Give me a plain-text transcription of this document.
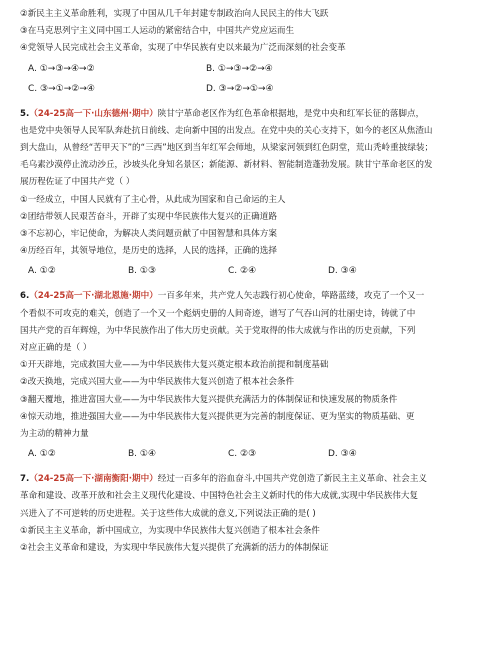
②新民主主义革命胜利，实现了中国从几千年封建专制政治向人民民主的伟大飞跃
③在马克思列宁主义同中国工人运动的紧密结合中，中国共产党应运而生
④党领导人民完成社会主义革命，实现了中华民族有史以来最为广泛而深刻的社会变革
A. ①→③→④→②	B. ①→③→②→④
C. ③→①→②→④	D. ③→②→①→④
5.（24-25高一下·山东德州·期中）陕甘宁革命老区作为红色革命根据地，是党中央和红军长征的落脚点，
也是党中央领导人民军队奔赴抗日前线、走向新中国的出发点。在党中央的关心支持下，如今的老区从焦渣山
到大盘山，从曾经“苦甲天下”的“三西”地区到当年红军会师地，从梁家河领到红色阴堂，荒山秃岭重披绿装；
毛乌素沙漠停止流动沙丘，沙坡头化身知名景区；新能源、新材料、智能制造蓬勃发展。陕甘宁革命老区的发
展历程佐证了中国共产党（ ）
①一经成立，中国人民就有了主心骨，从此成为国家和自己命运的主人
②团结带领人民艰苦奋斗，开辟了实现中华民族伟大复兴的正确道路
③不忘初心，牢记使命，为解决人类问题贡献了中国智慧和具体方案
④历经百年，其领导地位，是历史的选择，人民的选择，正确的选择
A. ①②	B. ①③	C. ②④	D. ③④
6.（24-25高一下·湖北恩施·期中）一百多年来，共产党人矢志践行初心使命，筚路蓝缕，攻克了一个又一
个看似不可攻克的难关，创造了一个又一个彪炳史册的人间奇迹，谱写了气吞山河的壮丽史诗，铸就了中
国共产党的百年辉煌，为中华民族作出了伟大历史贡献。关于党取得的伟大成就与作出的历史贡献，下列
对应正确的是（ ）
①开天辟地，完成救国大业——为中华民族伟大复兴奠定根本政治前提和制度基础
②改天换地，完成兴国大业——为中华民族伟大复兴创造了根本社会条件
③翻天覆地，推进富国大业——为中华民族伟大复兴提供充满活力的体制保证和快速发展的物质条件
④惊天动地，推进强国大业——为中华民族伟大复兴提供更为完善的制度保证、更为坚实的物质基础、更
为主动的精神力量
A. ①②	B. ①④	C. ②③	D. ③④
7.（24-25高一下·湖南衡阳·期中）经过一百多年的浴血奋斗,中国共产党创造了新民主主义革命、社会主义
革命和建设、改革开放和社会主义现代化建设、中国特色社会主义新时代的伟大成就,实现中华民族伟大复
兴进入了不可逆转的历史进程。关于这些伟大成就的意义,下列说法正确的是( )
①新民主主义革命，新中国成立，为实现中华民族伟大复兴创造了根本社会条件
②社会主义革命和建设，为实现中华民族伟大复兴提供了充满新的活力的体制保证
